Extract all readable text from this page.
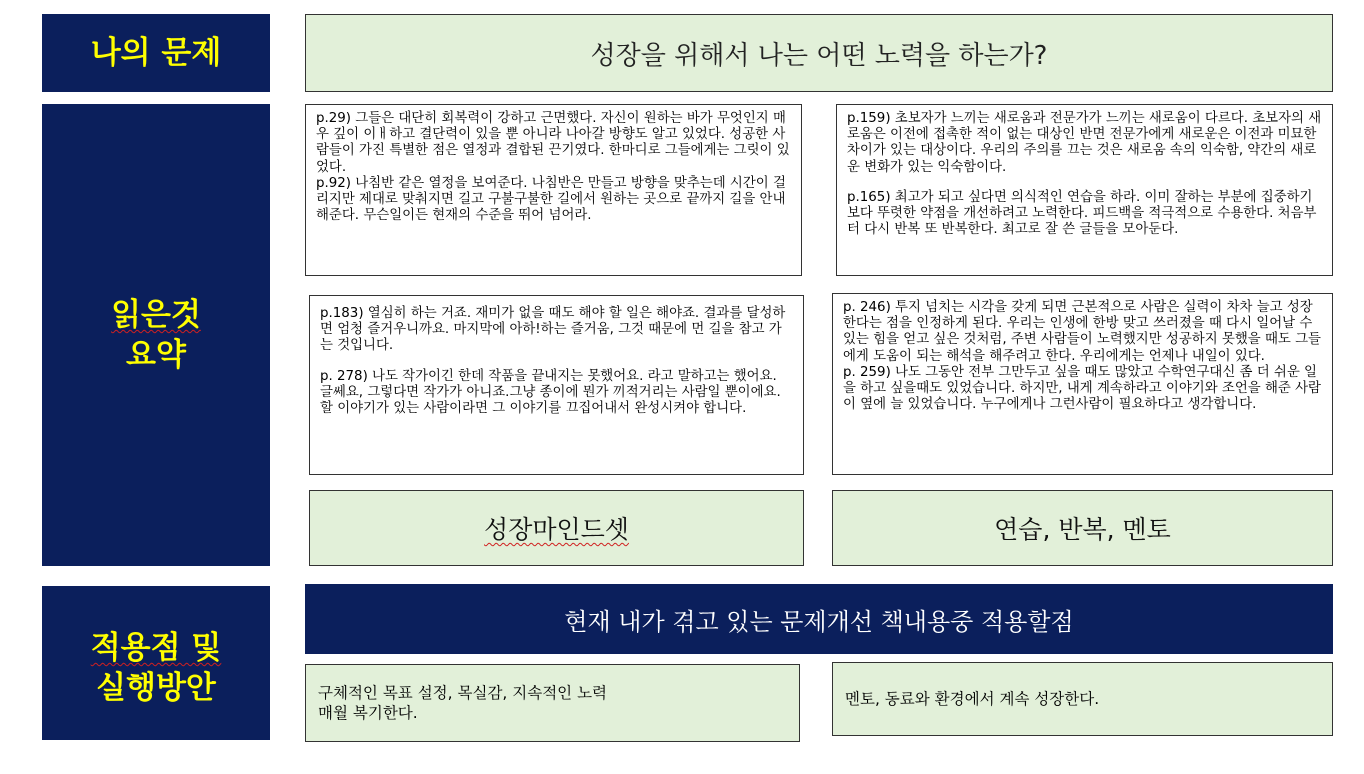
나의 문제	성장을 위해서 나는 어떤 노력을 하는가?
읽은것
요약

p.29) 그들은 대단히 회복력이 강하고 근면했다. 자신이 원하는 바가 무엇인지 매우 깊이 이ㅐ하고 결단력이 있을 뿐 아니라 나아갈 방향도 알고 있었다. 성공한 사람들이 가진 특별한 점은 열정과 결합된 끈기였다. 한마디로 그들에게는 그릿이 있었다.

p.92) 나침반 같은 열정을 보여준다. 나침반은 만들고 방향을 맞추는데 시간이 걸리지만 제대로 맞춰지면 길고 구불구불한 길에서 원하는 곳으로 끝까지 길을 안내해준다. 무슨일이든 현재의 수준을 뛰어 넘어라.

p.159) 초보자가 느끼는 새로움과 전문가가 느끼는 새로움이 다르다. 초보자의 새로움은 이전에 접촉한 적이 없는 대상인 반면 전문가에게 새로운은 이전과 미묘한 차이가 있는 대상이다. 우리의 주의를 끄는 것은 새로움 속의 익숙함, 약간의 새로운 변화가 있는 익숙함이다.

p.165) 최고가 되고 싶다면 의식적인 연습을 하라. 이미 잘하는 부분에 집중하기보다 뚜렷한 약점을 개선하려고 노력한다. 피드백을 적극적으로 수용한다. 처음부터 다시 반복 또 반복한다. 최고로 잘 쓴 글들을 모아둔다.

p.183) 열심히 하는 거죠. 재미가 없을 때도 해야 할 일은 해야죠. 결과를 달성하면 엄청 즐거우니까요. 마지막에 아하!하는 즐거움, 그것 때문에 먼 길을 참고 가는 것입니다.

p. 278) 나도 작가이긴 한데 작품을 끝내지는 못했어요. 라고 말하고는 했어요. 글쎄요, 그렇다면 작가가 아니죠.그냥 종이에 뭔가 끼적거리는 사람일 뿐이에요. 할 이야기가 있는 사람이라면 그 이야기를 끄집어내서 완성시켜야 합니다.

p. 246) 투지 넘치는 시각을 갖게 되면 근본적으로 사람은 실력이 차차 늘고 성장한다는 점을 인정하게 된다. 우리는 인생에 한방 맞고 쓰러졌을 때 다시 일어날 수 있는 힘을 얻고 싶은 것처럼, 주변 사람들이 노력했지만 성공하지 못했을 때도 그들에게 도움이 되는 해석을 해주려고 한다. 우리에게는 언제나 내일이 있다.

p. 259) 나도 그동안 전부 그만두고 싶을 때도 많았고 수학연구대신 좀 더 쉬운 일을 하고 싶을때도 있었습니다. 하지만, 내게 계속하라고 이야기와 조언을 해준 사람이 옆에 늘 있었습니다. 누구에게나 그런사람이 필요하다고 생각합니다.

성장마인드셋	연습, 반복, 멘토
적용점 및
실행방안
현재 내가 겪고 있는 문제개선 책내용중 적용할점
구체적인 목표 설정, 목실감, 지속적인 노력
매월 복기한다.
멘토, 동료와 환경에서 계속 성장한다.
